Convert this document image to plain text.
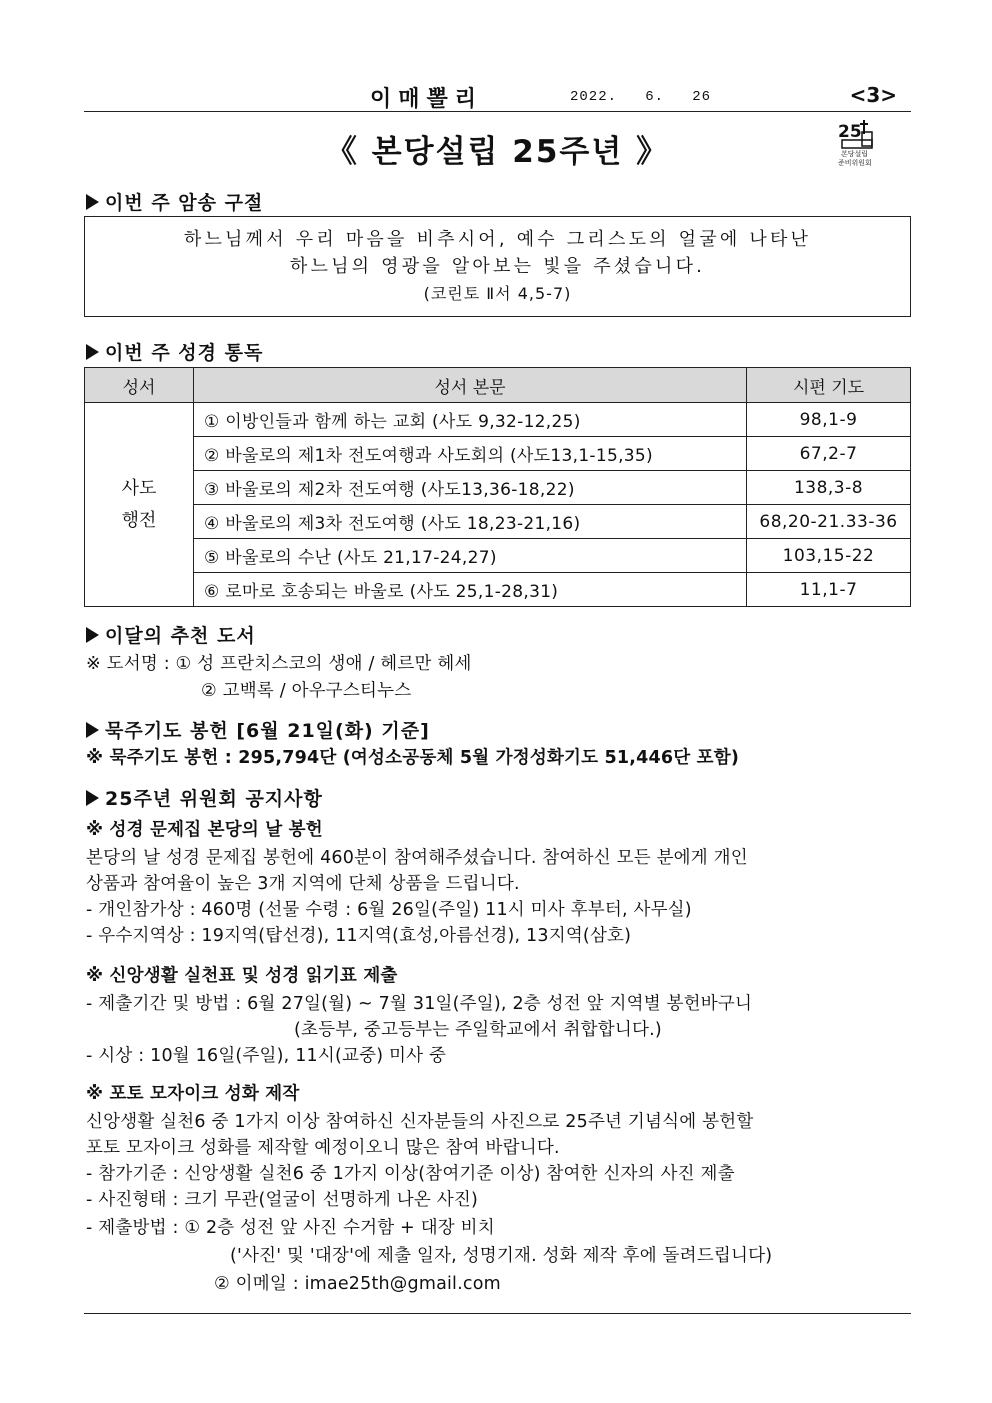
이매뽈리	2022.   6.   26	<3>
《 본당설립 25주년 》
25
본당설립
준비위원회
이번 주 암송 구절
하느님께서 우리 마음을 비추시어, 예수 그리스도의 얼굴에 나타난
하느님의 영광을 알아보는 빛을 주셨습니다.
(코린토 Ⅱ서 4,5-7)
이번 주 성경 통독
성서	성서 본문	시편 기도

사도
행전	① 이방인들과 함께 하는 교회 (사도 9,32-12,25)	98,1-9
	② 바울로의 제1차 전도여행과 사도회의 (사도13,1-15,35)	67,2-7
	③ 바울로의 제2차 전도여행 (사도13,36-18,22)	138,3-8
	④ 바울로의 제3차 전도여행 (사도 18,23-21,16)	68,20-21.33-36
	⑤ 바울로의 수난 (사도 21,17-24,27)	103,15-22
	⑥ 로마로 호송되는 바울로 (사도 25,1-28,31)	11,1-7
이달의 추천 도서
※ 도서명 : ① 성 프란치스코의 생애 / 헤르만 헤세
② 고백록 / 아우구스티누스
묵주기도 봉헌 [6월 21일(화) 기준]
※ 묵주기도 봉헌 : 295,794단 (여성소공동체 5월 가정성화기도 51,446단 포함)
25주년 위원회 공지사항
※ 성경 문제집 본당의 날 봉헌
본당의 날 성경 문제집 봉헌에 460분이 참여해주셨습니다. 참여하신 모든 분에게 개인
상품과 참여율이 높은 3개 지역에 단체 상품을 드립니다.
- 개인참가상 : 460명 (선물 수령 : 6월 26일(주일) 11시 미사 후부터, 사무실)
- 우수지역상 : 19지역(탑선경), 11지역(효성,아름선경), 13지역(삼호)
※ 신앙생활 실천표 및 성경 읽기표 제출
- 제출기간 및 방법 : 6월 27일(월) ~ 7월 31일(주일), 2층 성전 앞 지역별 봉헌바구니
(초등부, 중고등부는 주일학교에서 취합합니다.)
- 시상 : 10월 16일(주일), 11시(교중) 미사 중
※ 포토 모자이크 성화 제작
신앙생활 실천6 중 1가지 이상 참여하신 신자분들의 사진으로 25주년 기념식에 봉헌할
포토 모자이크 성화를 제작할 예정이오니 많은 참여 바랍니다.
- 참가기준 : 신앙생활 실천6 중 1가지 이상(참여기준 이상) 참여한 신자의 사진 제출
- 사진형태 : 크기 무관(얼굴이 선명하게 나온 사진)
- 제출방법 : ① 2층 성전 앞 사진 수거함 + 대장 비치
('사진' 및 '대장'에 제출 일자, 성명기재. 성화 제작 후에 돌려드립니다)
② 이메일 : imae25th@gmail.com
